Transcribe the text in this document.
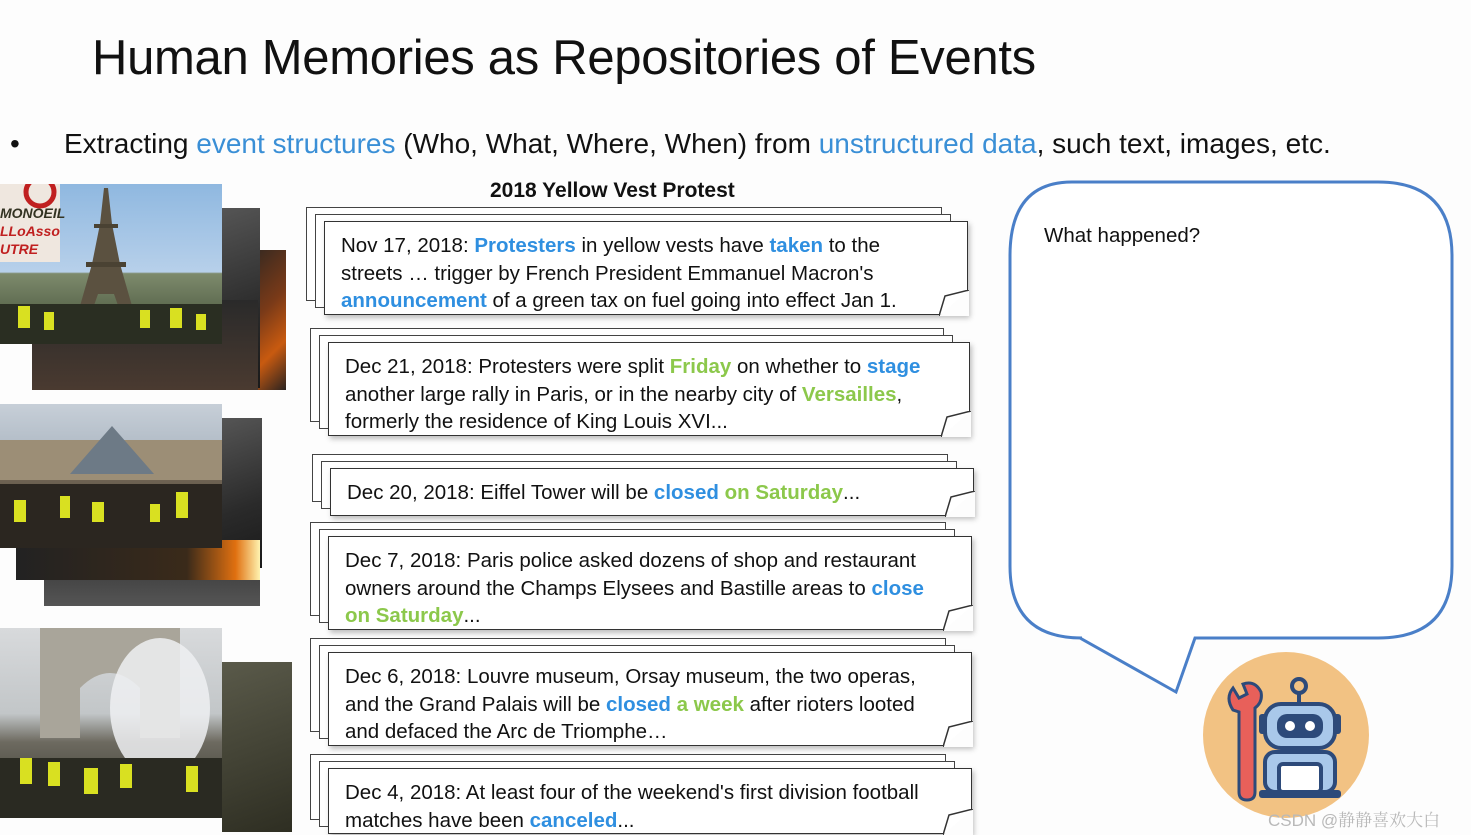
Human Memories as Repositories of Events
• Extracting event structures (Who, What, Where, When) from unstructured data, such text, images, etc.
2018 Yellow Vest Protest
MONOEIL
LLoAsso
UTRE	Nov 17, 2018: Protesters in yellow vests have taken to the streets … trigger by French President Emmanuel Macron's announcement of a green tax on fuel going into effect Jan 1.
Dec 21, 2018: Protesters were split Friday on whether to stage another large rally in Paris, or in the nearby city of Versailles, formerly the residence of King Louis XVI...
Dec 20, 2018: Eiffel Tower will be closed on Saturday...
Dec 7, 2018: Paris police asked dozens of shop and restaurant owners around the Champs Elysees and Bastille areas to close on Saturday...
Dec 6, 2018: Louvre museum, Orsay museum, the two operas, and the Grand Palais will be closed a week after rioters looted and defaced the Arc de Triomphe…
Dec 4, 2018: At least four of the weekend's first division football matches have been canceled...
What happened?
CSDN @静静喜欢大白
